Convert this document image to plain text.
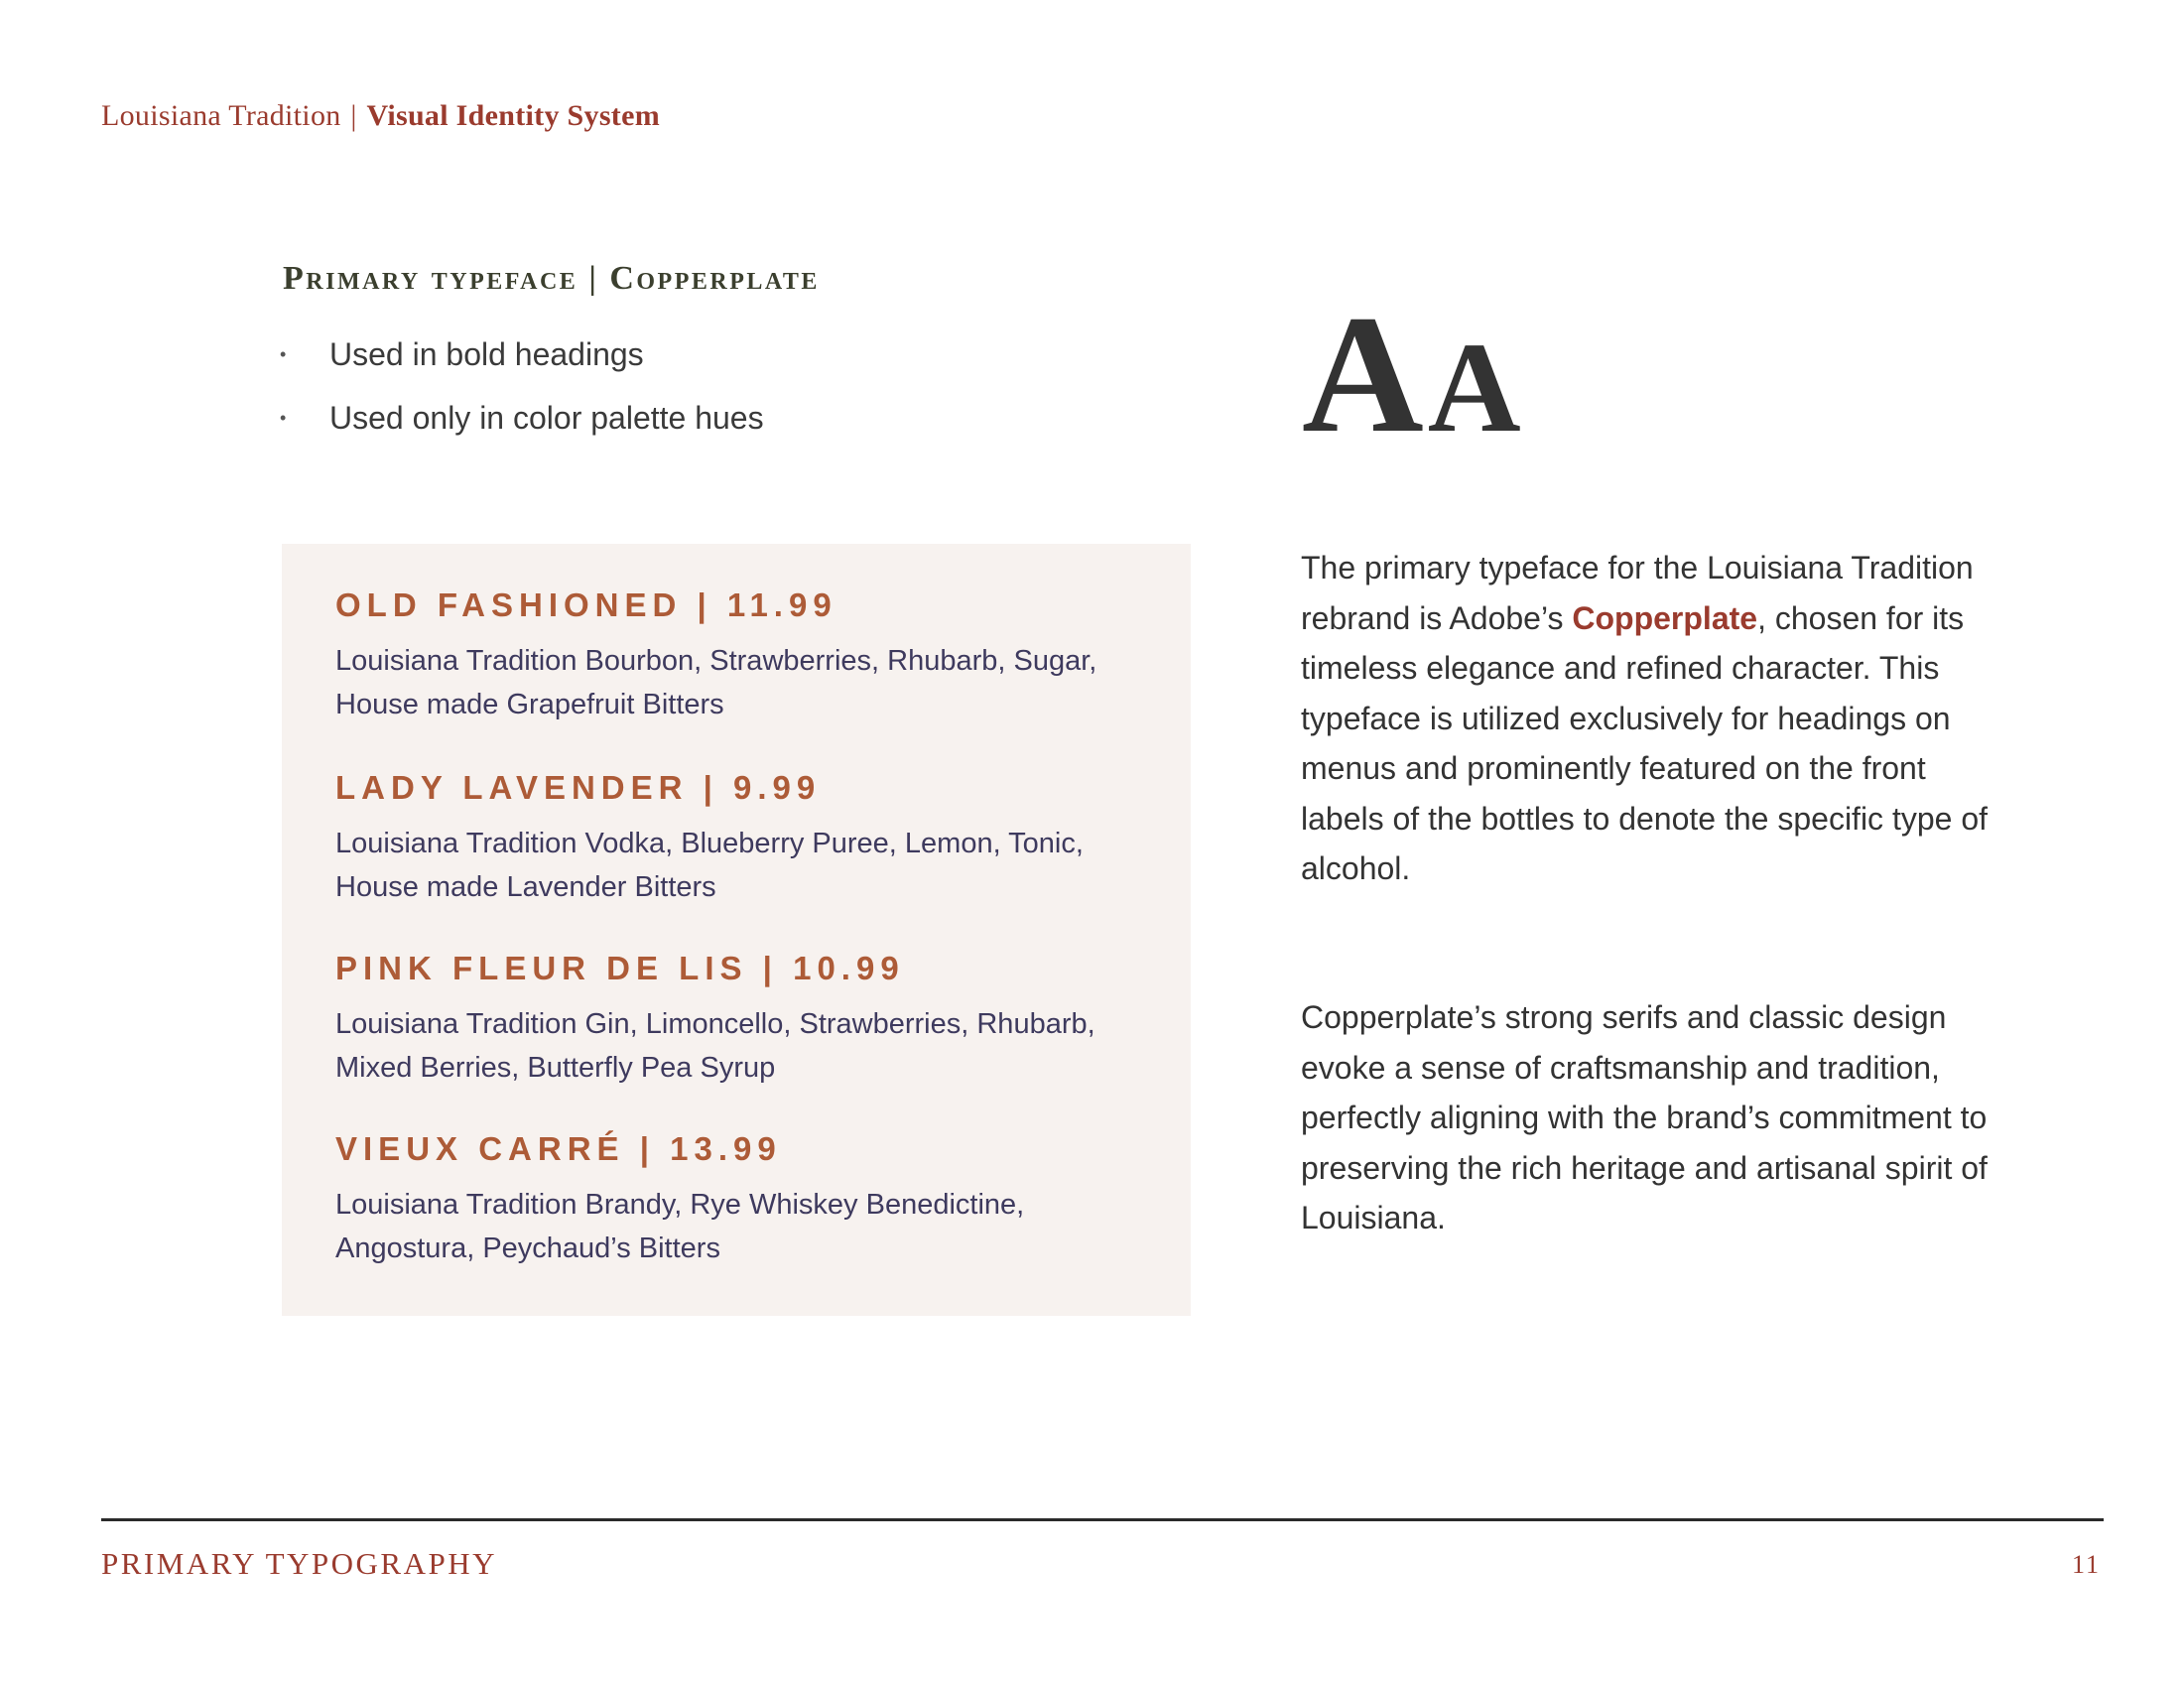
Louisiana Tradition | Visual Identity System
Primary typeface | Copperplate
• Used in bold headings
• Used only in color palette hues	AA
OLD FASHIONED | 11.99
Louisiana Tradition Bourbon, Strawberries, Rhubarb, Sugar, House made Grapefruit Bitters
LADY LAVENDER | 9.99
Louisiana Tradition Vodka, Blueberry Puree, Lemon, Tonic, House made Lavender Bitters
PINK FLEUR DE LIS | 10.99
Louisiana Tradition Gin, Limoncello, Strawberries, Rhubarb, Mixed Berries, Butterfly Pea Syrup
VIEUX CARRÉ | 13.99
Louisiana Tradition Brandy, Rye Whiskey Benedictine, Angostura, Peychaud’s Bitters
The primary typeface for the Louisiana Tradition rebrand is Adobe’s Copperplate, chosen for its timeless elegance and refined character. This typeface is utilized exclusively for headings on menus and prominently featured on the front labels of the bottles to denote the specific type of alcohol.
Copperplate’s strong serifs and classic design evoke a sense of craftsmanship and tradition, perfectly aligning with the brand’s commitment to preserving the rich heritage and artisanal spirit of Louisiana.
PRIMARY TYPOGRAPHY	11
